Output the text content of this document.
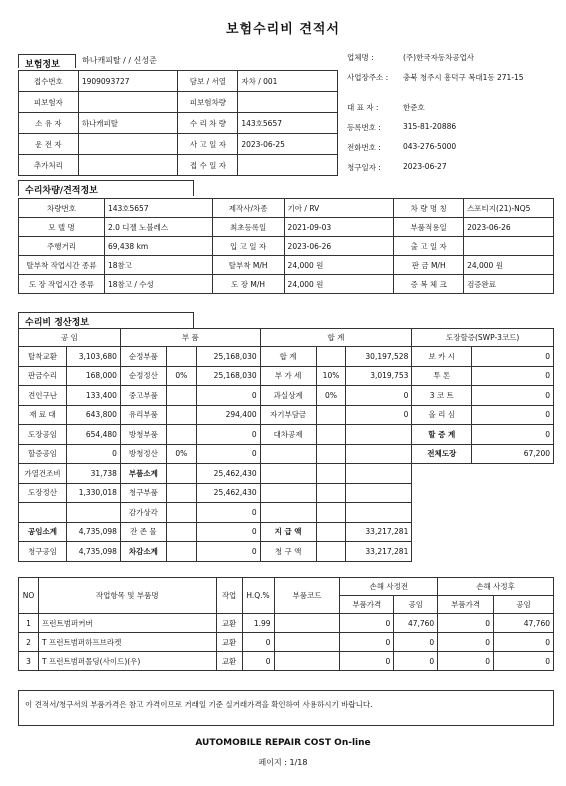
보험수리비 견적서
보험정보	하나캐피탈 / / 신성준
접수번호	1909093727	담보 / 서열	자차 / 001
피보험자		피보험차량	
소 유 자	하나캐피탈	수 리 차 량	143호5657
운 전 자		사 고 일 자	2023-06-25
추가처리		접 수 일 자	
업체명 :	(주)한국자동차공업사
사업장주소 :	충북 청주시 흥덕구 복대1동 271-15
대 표 자 :	한준호
등록번호 :	315-81-20886
전화번호 :	043-276-5000
청구일자 :	2023-06-27
수리차량/견적정보
차량번호	143호5657	제작사/차종	기아 / RV	차 량 명 칭	스포티지(21)-NQ5
모 델 명	2.0 디젤 노블레스	최초등록일	2021-09-03	부품적용일	2023-06-26
주행거리	69,438 km	입 고 일 자	2023-06-26	출 고 일 자	
탈부착 작업시간 종류	18참고	탈부착 M/H	24,000 원	판 금 M/H	24,000 원
도 장 작업시간 종류	18참고 / 수성	도 장 M/H	24,000 원	증 복 체 크	검증완료
수리비 정산정보
공 임		부 품			합 계			도장할증(SWP-3코드)	
탈착교환	3,103,680	순정부품		25,168,030	합 계		30,197,528	보 카 시	0
판금수리	168,000	순정정산	0%	25,168,030	부 가 세	10%	3,019,753	투 톤	0
견인구난	133,400	중고부품		0	과실상계	0%	0	3 코 트	0
재 료 대	643,800	유리부품		294,400	자기부담금		0	올 리 심	0
도장공임	654,480	방청부품		0	대차공제			할 증 계	0
할증공임	0	방청정산	0%	0				전체도장	67,200
가열건조비	31,738	부품소계		25,462,430					
도장정산	1,330,018	청구부품		25,462,430					
		감가상각		0					
공임소계	4,735,098	잔 존 물		0	지 급 액		33,217,281		
청구공임	4,735,098	차감소계		0	청 구 액		33,217,281		
NO	작업항목 및 부품명	작업	H.Q.%	부품코드	손해 사정전		손해 사정후	
					부품가격	공임	부품가격	공임
1	프런트범퍼커버	교환	1.99		0	47,760	0	47,760
2	T 프런트범퍼하프브라켓	교환	0		0	0	0	0
3	T 프런트범퍼몰딩(사이드)(우)	교환	0		0	0	0	0
이 견적서/청구서의 부품가격은 참고 가격이므로 거래일 기준 실거래가격을 확인하여 사용하시기 바랍니다.
AUTOMOBILE REPAIR COST On-line
페이지 : 1/18
